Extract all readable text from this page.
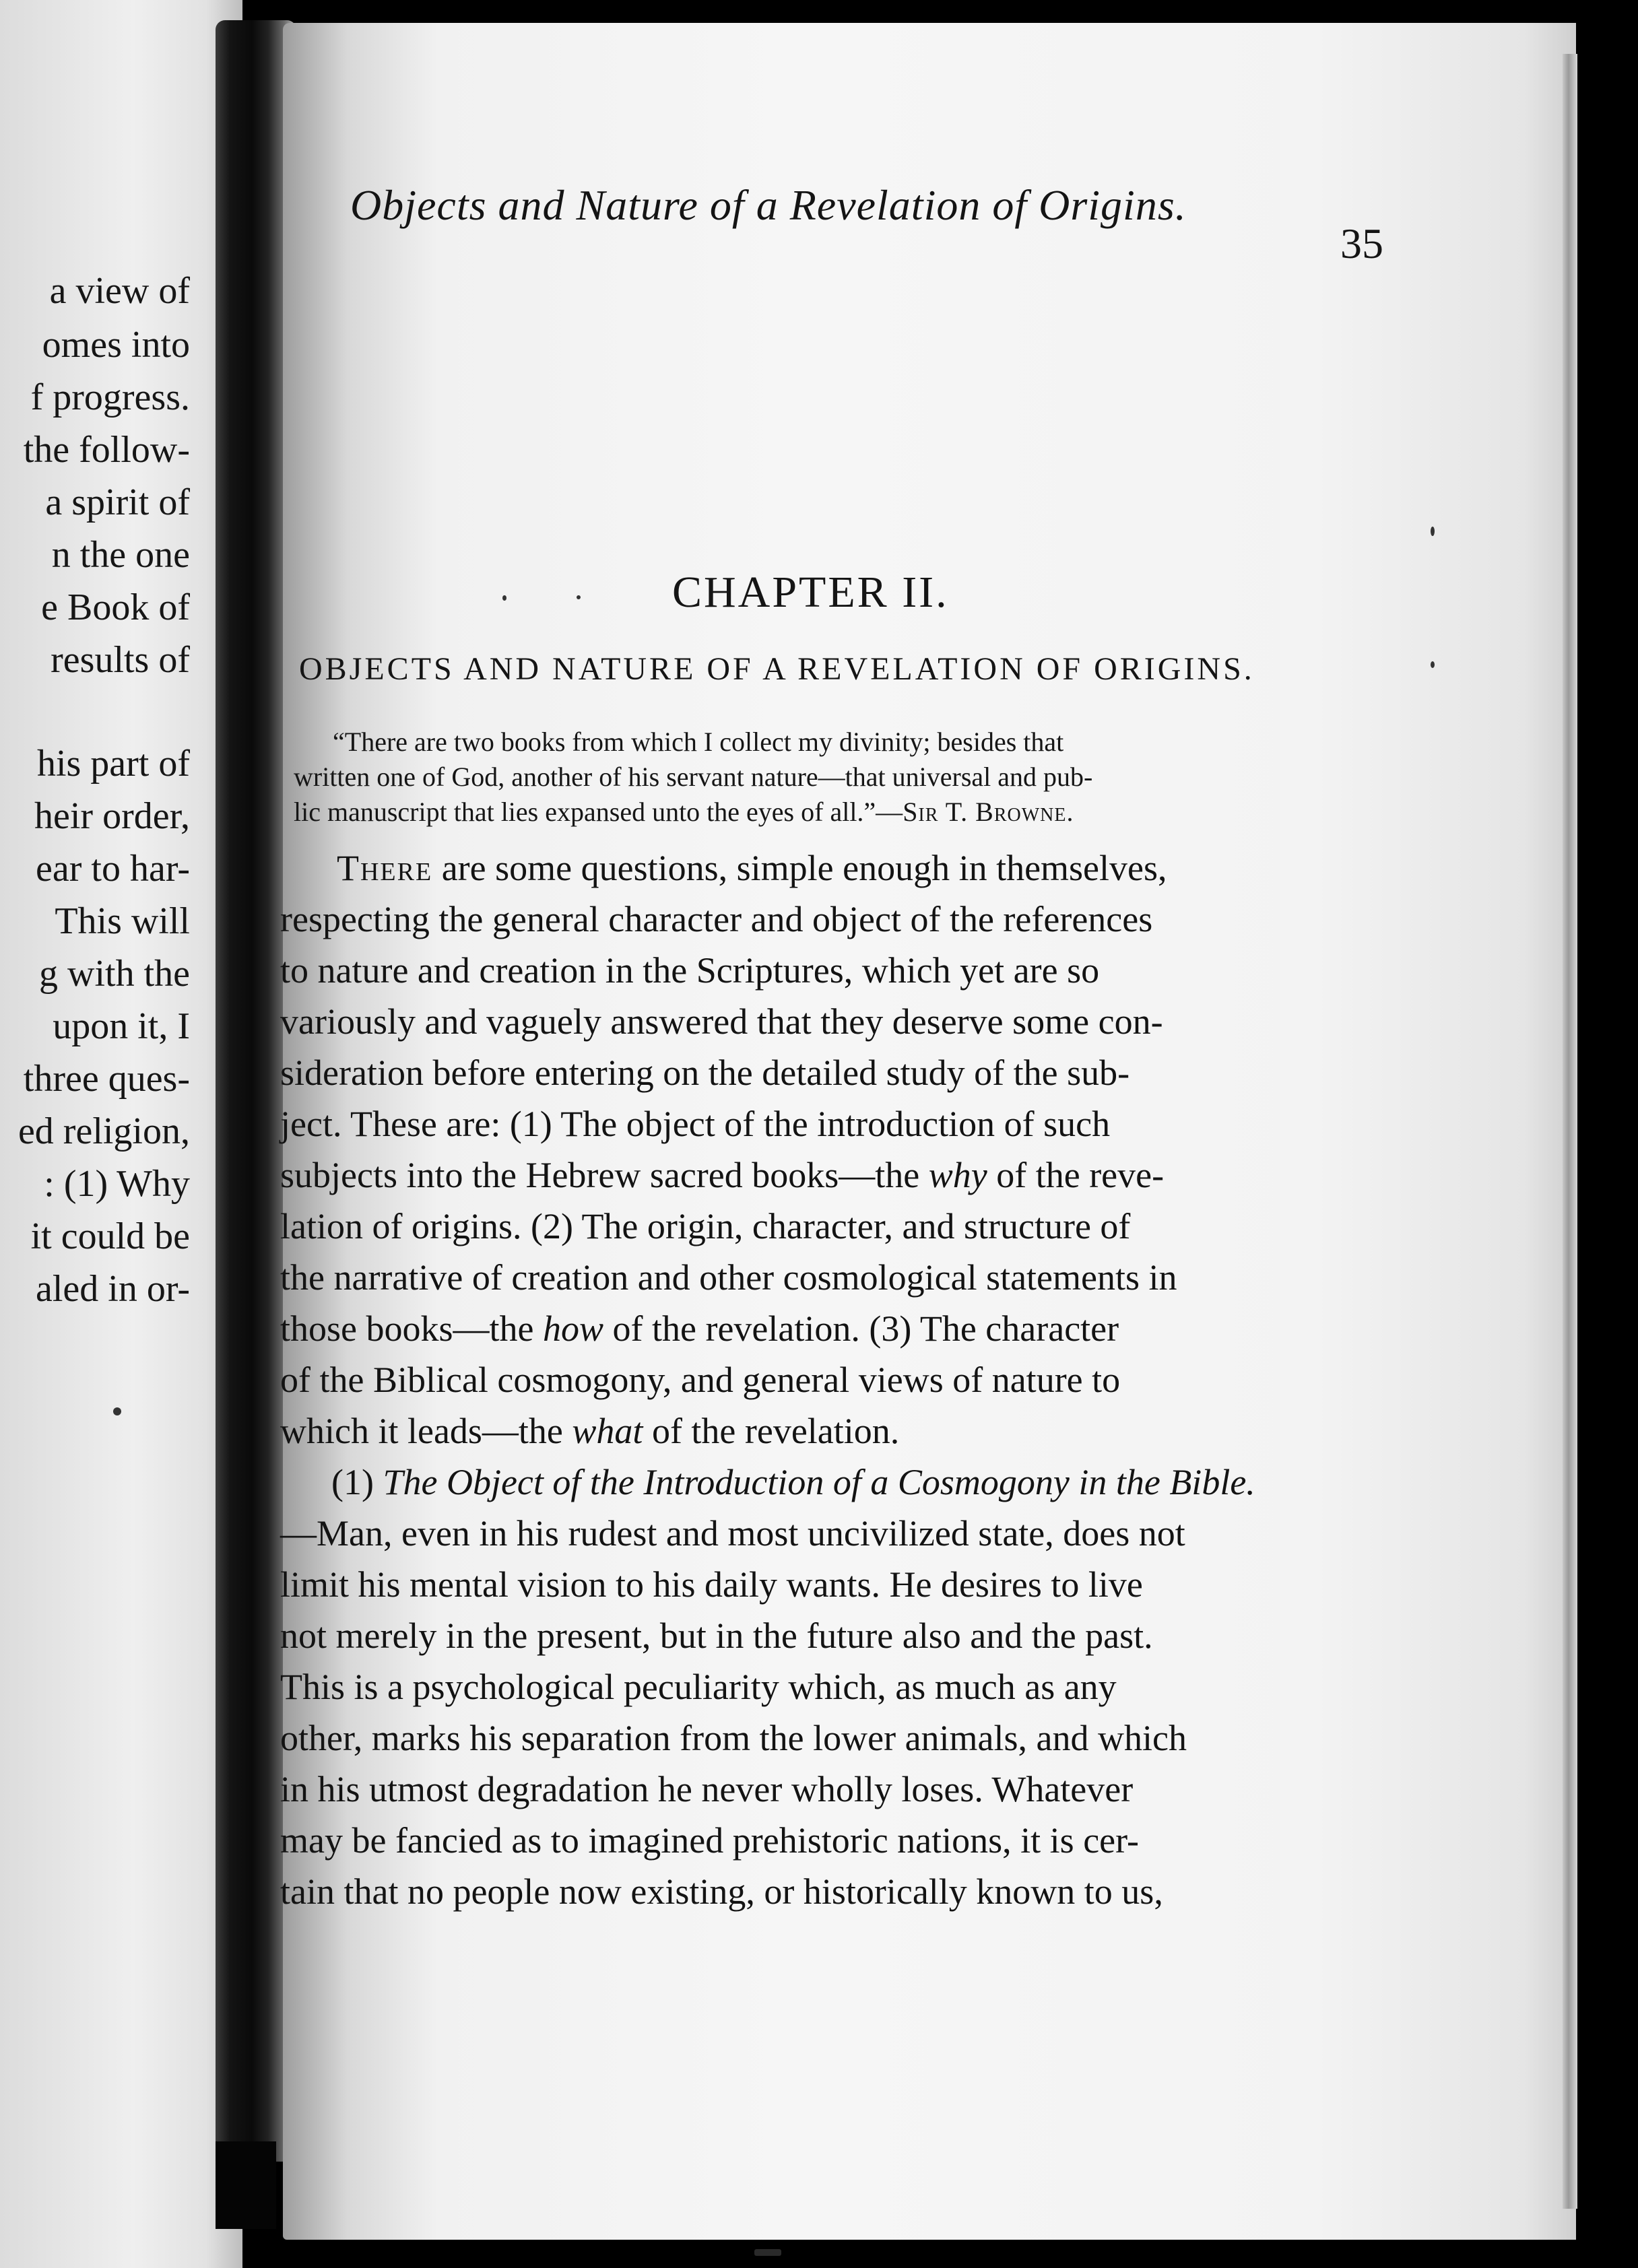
a view of
omes into
f progress.
the follow-
a spirit of
n the one
e Book of
results of
his part of
heir order,
ear to har-
This will
g with the
upon it, I
three ques-
ed religion,
: (1) Why
it could be
aled in or-
Objects and Nature of a Revelation of Origins.
35
CHAPTER II.
OBJECTS AND NATURE OF A REVELATION OF ORIGINS.
“There are two books from which I collect my divinity; besides that
written one of God, another of his servant nature—that universal and pub-
lic manuscript that lies expansed unto the eyes of all.”—Sir T. Browne.
There are some questions, simple enough in themselves,
respecting the general character and object of the references
to nature and creation in the Scriptures, which yet are so
variously and vaguely answered that they deserve some con-
sideration before entering on the detailed study of the sub-
ject. These are: (1) The object of the introduction of such
subjects into the Hebrew sacred books—the why of the reve-
lation of origins. (2) The origin, character, and structure of
the narrative of creation and other cosmological statements in
those books—the how of the revelation. (3) The character
of the Biblical cosmogony, and general views of nature to
which it leads—the what of the revelation.
(1) The Object of the Introduction of a Cosmogony in the Bible.
—Man, even in his rudest and most uncivilized state, does not
limit his mental vision to his daily wants. He desires to live
not merely in the present, but in the future also and the past.
This is a psychological peculiarity which, as much as any
other, marks his separation from the lower animals, and which
in his utmost degradation he never wholly loses. Whatever
may be fancied as to imagined prehistoric nations, it is cer-
tain that no people now existing, or historically known to us,
